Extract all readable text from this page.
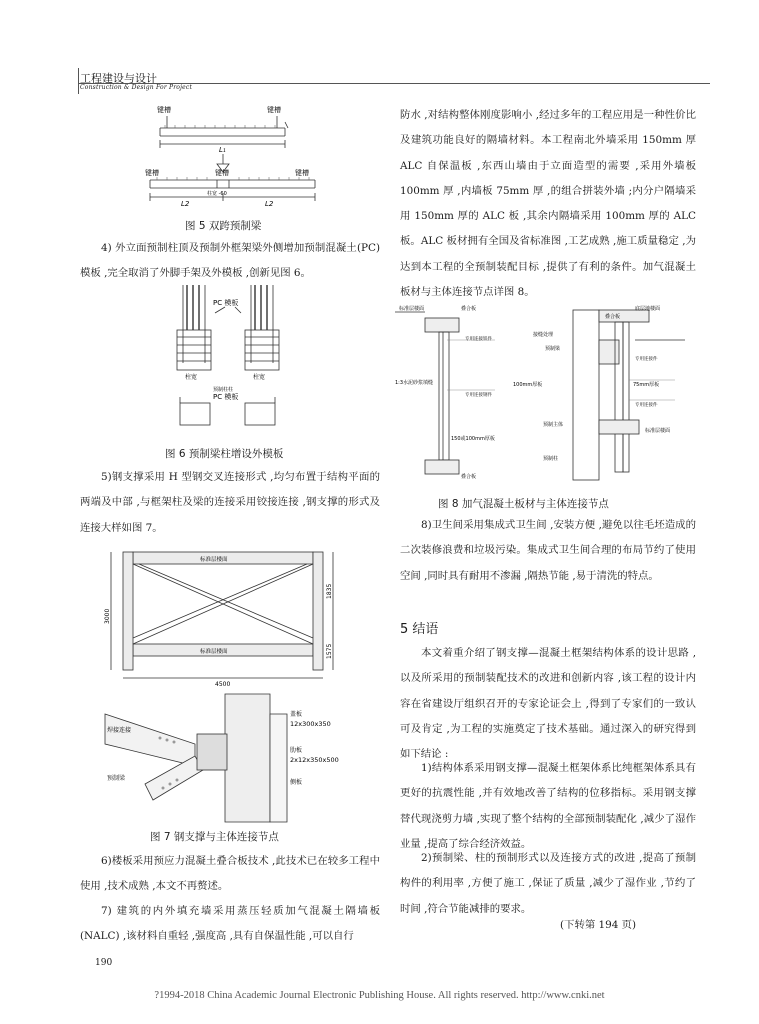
工程建设与设计
Construction & Design For Project
键槽	键槽
L₁
键槽	键槽	键槽
L2	L2
柱宽 -60
图 5 双跨预制梁

4) 外立面预制柱顶及预制外框架梁外侧增加预制混凝土(PC)模板 ,完全取消了外脚手架及外模板 ,创新见图 6。

PC 模板
柱宽	柱宽
预制柱柱
PC 模板
图 6 预制梁柱增设外模板

5)钢支撑采用 H 型钢交叉连接形式 ,均匀布置于结构平面的两端及中部 ,与框架柱及梁的连接采用铰接连接 ,钢支撑的形式及连接大样如图 7。

标准层楼面
标准层楼面
4500
3000
1835
1575
盖板
12x300x350
肋板
2x12x350x500
侧板
焊接连接
预制梁
图 7 钢支撑与主体连接节点

6)楼板采用预应力混凝土叠合板技术 ,此技术已在较多工程中使用 ,技术成熟 ,本文不再赘述。

7) 建筑的内外填充墙采用蒸压轻质加气混凝土隔墙板(NALC) ,该材料自重轻 ,强度高 ,具有自保温性能 ,可以自行

防水 ,对结构整体刚度影响小 ,经过多年的工程应用是一种性价比及建筑功能良好的隔墙材料。本工程南北外墙采用 150mm 厚 ALC 自保温板 ,东西山墙由于立面造型的需要 ,采用外墙板 100mm 厚 ,内墙板 75mm 厚 ,的组合拼装外墙 ;内分户隔墙采用 150mm 厚的 ALC 板 ,其余内隔墙采用 100mm 厚的 ALC 板。ALC 板材拥有全国及省标准图 ,工艺成熟 ,施工质量稳定 ,为达到本工程的全预制装配目标 ,提供了有利的条件。加气混凝土板材与主体连接节点详图 8。

标准层楼面	叠合板
专用连接铁件
1:3水泥砂浆填缝
专用连接钢件
150或100mm厚板
叠合板
底层地楼面
叠合板
接缝处理
预制梁
专用连接件
100mm厚板	75mm厚板
专用连接件
预制主体
标准层楼面
预制柱
图 8 加气混凝土板材与主体连接节点

8)卫生间采用集成式卫生间 ,安装方便 ,避免以往毛坯造成的二次装修浪费和垃圾污染。集成式卫生间合理的布局节约了使用空间 ,同时具有耐用不渗漏 ,隔热节能 ,易于清洗的特点。

5 结语

本文着重介绍了钢支撑—混凝土框架结构体系的设计思路 ,以及所采用的预制装配技术的改进和创新内容 ,该工程的设计内容在省建设厅组织召开的专家论证会上 ,得到了专家们的一致认可及肯定 ,为工程的实施奠定了技术基础。通过深入的研究得到如下结论 :

1)结构体系采用钢支撑—混凝土框架体系比纯框架体系具有更好的抗震性能 ,并有效地改善了结构的位移指标。采用钢支撑替代现浇剪力墙 ,实现了整个结构的全部预制装配化 ,减少了湿作业量 ,提高了综合经济效益。

2)预制梁、柱的预制形式以及连接方式的改进 ,提高了预制构件的利用率 ,方便了施工 ,保证了质量 ,减少了湿作业 ,节约了时间 ,符合节能减排的要求。

(下转第 194 页)
190
?1994-2018 China Academic Journal Electronic Publishing House. All rights reserved. http://www.cnki.net
